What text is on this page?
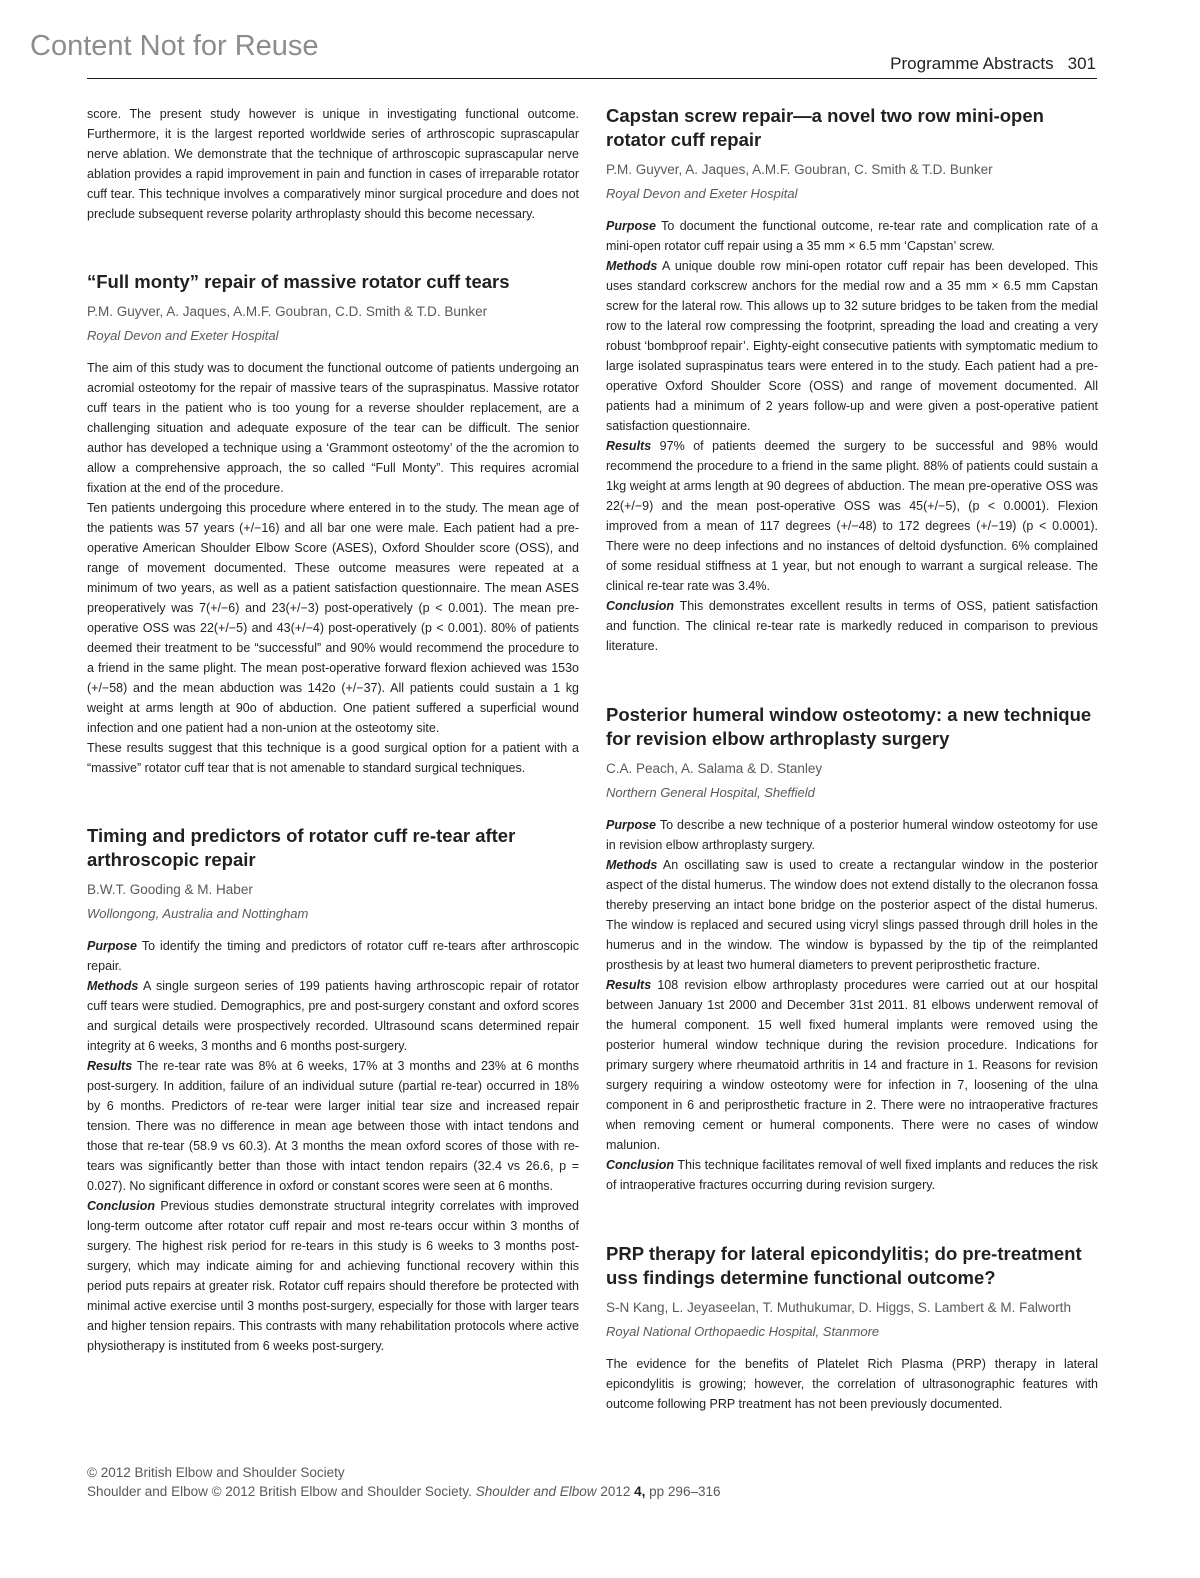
Content Not for Reuse
Programme Abstracts 301

score. The present study however is unique in investigating functional outcome. Furthermore, it is the largest reported worldwide series of arthroscopic suprascapular nerve ablation. We demonstrate that the technique of arthroscopic suprascapular nerve ablation provides a rapid improvement in pain and function in cases of irreparable rotator cuff tear. This technique involves a comparatively minor surgical procedure and does not preclude subsequent reverse polarity arthroplasty should this become necessary.

“Full monty” repair of massive rotator cuff tears
P.M. Guyver, A. Jaques, A.M.F. Goubran, C.D. Smith & T.D. Bunker
Royal Devon and Exeter Hospital

The aim of this study was to document the functional outcome of patients undergoing an acromial osteotomy for the repair of massive tears of the supraspinatus. Massive rotator cuff tears in the patient who is too young for a reverse shoulder replacement, are a challenging situation and adequate exposure of the tear can be difficult. The senior author has developed a technique using a ‘Grammont osteotomy’ of the the acromion to allow a comprehensive approach, the so called “Full Monty”. This requires acromial fixation at the end of the procedure.

Ten patients undergoing this procedure where entered in to the study. The mean age of the patients was 57 years (+/−16) and all bar one were male. Each patient had a pre-operative American Shoulder Elbow Score (ASES), Oxford Shoulder score (OSS), and range of movement documented. These outcome measures were repeated at a minimum of two years, as well as a patient satisfaction questionnaire. The mean ASES preoperatively was 7(+/−6) and 23(+/−3) post-operatively (p < 0.001). The mean pre-operative OSS was 22(+/−5) and 43(+/−4) post-operatively (p < 0.001). 80% of patients deemed their treatment to be “successful” and 90% would recommend the procedure to a friend in the same plight. The mean post-operative forward flexion achieved was 153o (+/−58) and the mean abduction was 142o (+/−37). All patients could sustain a 1 kg weight at arms length at 90o of abduction. One patient suffered a superficial wound infection and one patient had a non-union at the osteotomy site.

These results suggest that this technique is a good surgical option for a patient with a “massive” rotator cuff tear that is not amenable to standard surgical techniques.

Timing and predictors of rotator cuff re-tear after arthroscopic repair
B.W.T. Gooding & M. Haber
Wollongong, Australia and Nottingham

Purpose To identify the timing and predictors of rotator cuff re-tears after arthroscopic repair.

Methods A single surgeon series of 199 patients having arthroscopic repair of rotator cuff tears were studied. Demographics, pre and post-surgery constant and oxford scores and surgical details were prospectively recorded. Ultrasound scans determined repair integrity at 6 weeks, 3 months and 6 months post-surgery.

Results The re-tear rate was 8% at 6 weeks, 17% at 3 months and 23% at 6 months post-surgery. In addition, failure of an individual suture (partial re-tear) occurred in 18% by 6 months. Predictors of re-tear were larger initial tear size and increased repair tension. There was no difference in mean age between those with intact tendons and those that re-tear (58.9 vs 60.3). At 3 months the mean oxford scores of those with re-tears was significantly better than those with intact tendon repairs (32.4 vs 26.6, p = 0.027). No significant difference in oxford or constant scores were seen at 6 months.

Conclusion Previous studies demonstrate structural integrity correlates with improved long-term outcome after rotator cuff repair and most re-tears occur within 3 months of surgery. The highest risk period for re-tears in this study is 6 weeks to 3 months post-surgery, which may indicate aiming for and achieving functional recovery within this period puts repairs at greater risk. Rotator cuff repairs should therefore be protected with minimal active exercise until 3 months post-surgery, especially for those with larger tears and higher tension repairs. This contrasts with many rehabilitation protocols where active physiotherapy is instituted from 6 weeks post-surgery.

Capstan screw repair—a novel two row mini-open rotator cuff repair
P.M. Guyver, A. Jaques, A.M.F. Goubran, C. Smith & T.D. Bunker
Royal Devon and Exeter Hospital

Purpose To document the functional outcome, re-tear rate and complication rate of a mini-open rotator cuff repair using a 35 mm × 6.5 mm ‘Capstan’ screw.

Methods A unique double row mini-open rotator cuff repair has been developed. This uses standard corkscrew anchors for the medial row and a 35 mm × 6.5 mm Capstan screw for the lateral row. This allows up to 32 suture bridges to be taken from the medial row to the lateral row compressing the footprint, spreading the load and creating a very robust ‘bombproof repair’. Eighty-eight consecutive patients with symptomatic medium to large isolated supraspinatus tears were entered in to the study. Each patient had a pre-operative Oxford Shoulder Score (OSS) and range of movement documented. All patients had a minimum of 2 years follow-up and were given a post-operative patient satisfaction questionnaire.

Results 97% of patients deemed the surgery to be successful and 98% would recommend the procedure to a friend in the same plight. 88% of patients could sustain a 1kg weight at arms length at 90 degrees of abduction. The mean pre-operative OSS was 22(+/−9) and the mean post-operative OSS was 45(+/−5), (p < 0.0001). Flexion improved from a mean of 117 degrees (+/−48) to 172 degrees (+/−19) (p < 0.0001). There were no deep infections and no instances of deltoid dysfunction. 6% complained of some residual stiffness at 1 year, but not enough to warrant a surgical release. The clinical re-tear rate was 3.4%.

Conclusion This demonstrates excellent results in terms of OSS, patient satisfaction and function. The clinical re-tear rate is markedly reduced in comparison to previous literature.

Posterior humeral window osteotomy: a new technique for revision elbow arthroplasty surgery
C.A. Peach, A. Salama & D. Stanley
Northern General Hospital, Sheffield

Purpose To describe a new technique of a posterior humeral window osteotomy for use in revision elbow arthroplasty surgery.

Methods An oscillating saw is used to create a rectangular window in the posterior aspect of the distal humerus. The window does not extend distally to the olecranon fossa thereby preserving an intact bone bridge on the posterior aspect of the distal humerus. The window is replaced and secured using vicryl slings passed through drill holes in the humerus and in the window. The window is bypassed by the tip of the reimplanted prosthesis by at least two humeral diameters to prevent periprosthetic fracture.

Results 108 revision elbow arthroplasty procedures were carried out at our hospital between January 1st 2000 and December 31st 2011. 81 elbows underwent removal of the humeral component. 15 well fixed humeral implants were removed using the posterior humeral window technique during the revision procedure. Indications for primary surgery where rheumatoid arthritis in 14 and fracture in 1. Reasons for revision surgery requiring a window osteotomy were for infection in 7, loosening of the ulna component in 6 and periprosthetic fracture in 2. There were no intraoperative fractures when removing cement or humeral components. There were no cases of window malunion.

Conclusion This technique facilitates removal of well fixed implants and reduces the risk of intraoperative fractures occurring during revision surgery.

PRP therapy for lateral epicondylitis; do pre-treatment uss findings determine functional outcome?
S-N Kang, L. Jeyaseelan, T. Muthukumar, D. Higgs, S. Lambert & M. Falworth
Royal National Orthopaedic Hospital, Stanmore

The evidence for the benefits of Platelet Rich Plasma (PRP) therapy in lateral epicondylitis is growing; however, the correlation of ultrasonographic features with outcome following PRP treatment has not been previously documented.

© 2012 British Elbow and Shoulder Society
Shoulder and Elbow © 2012 British Elbow and Shoulder Society. Shoulder and Elbow 2012 4, pp 296–316
